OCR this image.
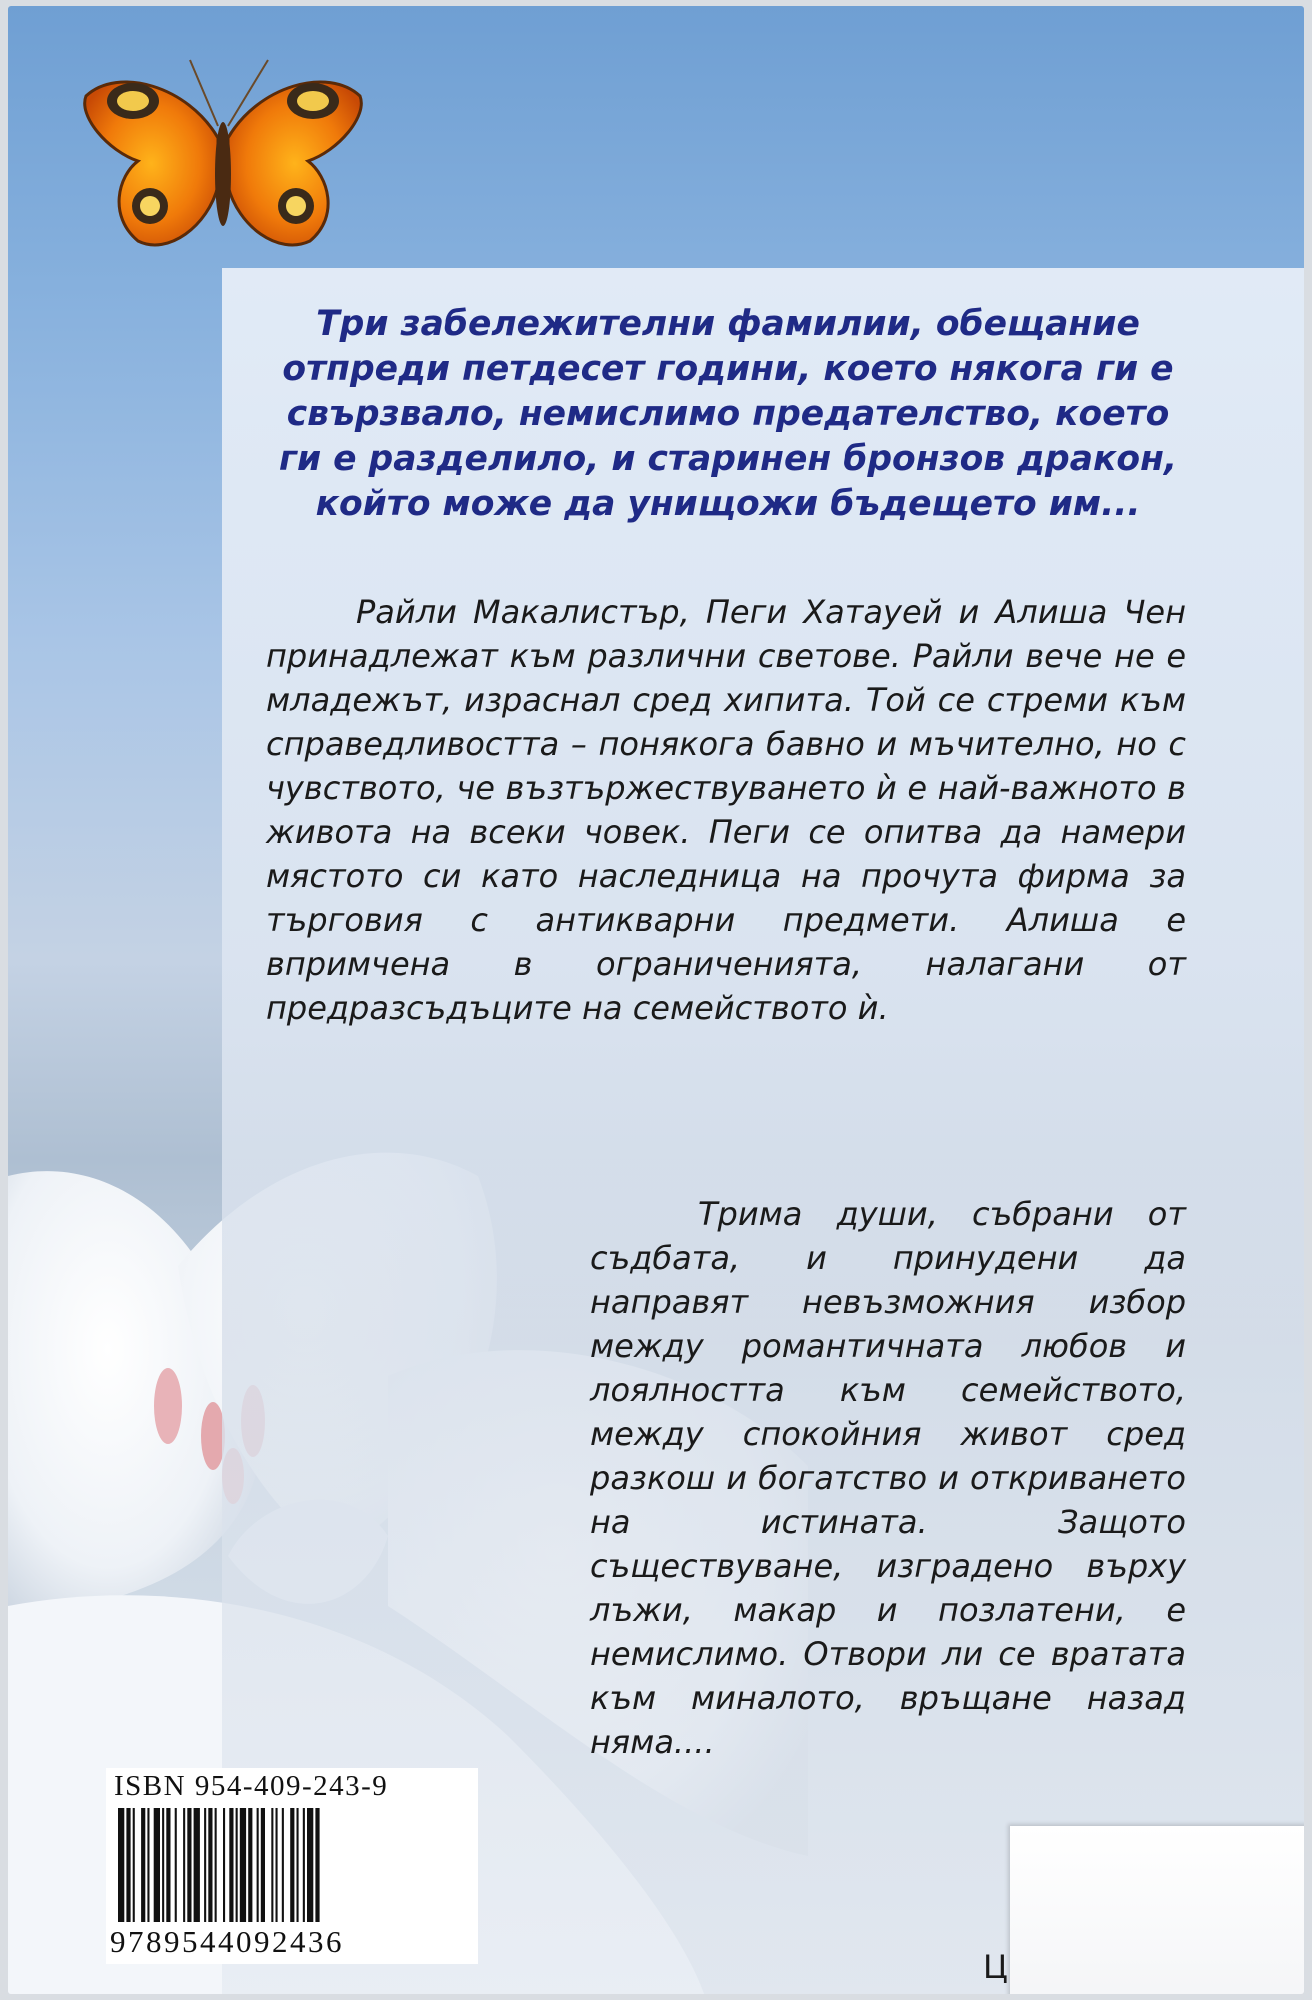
Три забележителни фамилии, обещание отпреди петдесет години, което някога ги е свързвало, немислимо предателство, което ги е разделило, и старинен бронзов дракон, който може да унищожи бъдещето им...

Райли Макалистър, Пеги Хатауей и Алиша Чен принадлежат към различни светове. Райли вече не е младежът, израснал сред хипита. Той се стреми към справедливостта – понякога бавно и мъчително, но с чувството, че възтържествуването ѝ е най-важното в живота на всеки човек. Пеги се опитва да намери мястото си като наследница на прочута фирма за търговия с антикварни предмети. Алиша е впримчена в ограниченията, налагани от предразсъдъците на семейството ѝ.

Трима души, събрани от съдбата, и принудени да направят невъзможния избор между романтичната любов и лоялността към семейството, между спокойния живот сред разкош и богатство и откриването на истината. Защото съществуване, изградено върху лъжи, макар и позлатени, е немислимо. Отвори ли се вратата към миналото, връщане назад няма....

ISBN 954-409-243-9

9789544092436

Ц
